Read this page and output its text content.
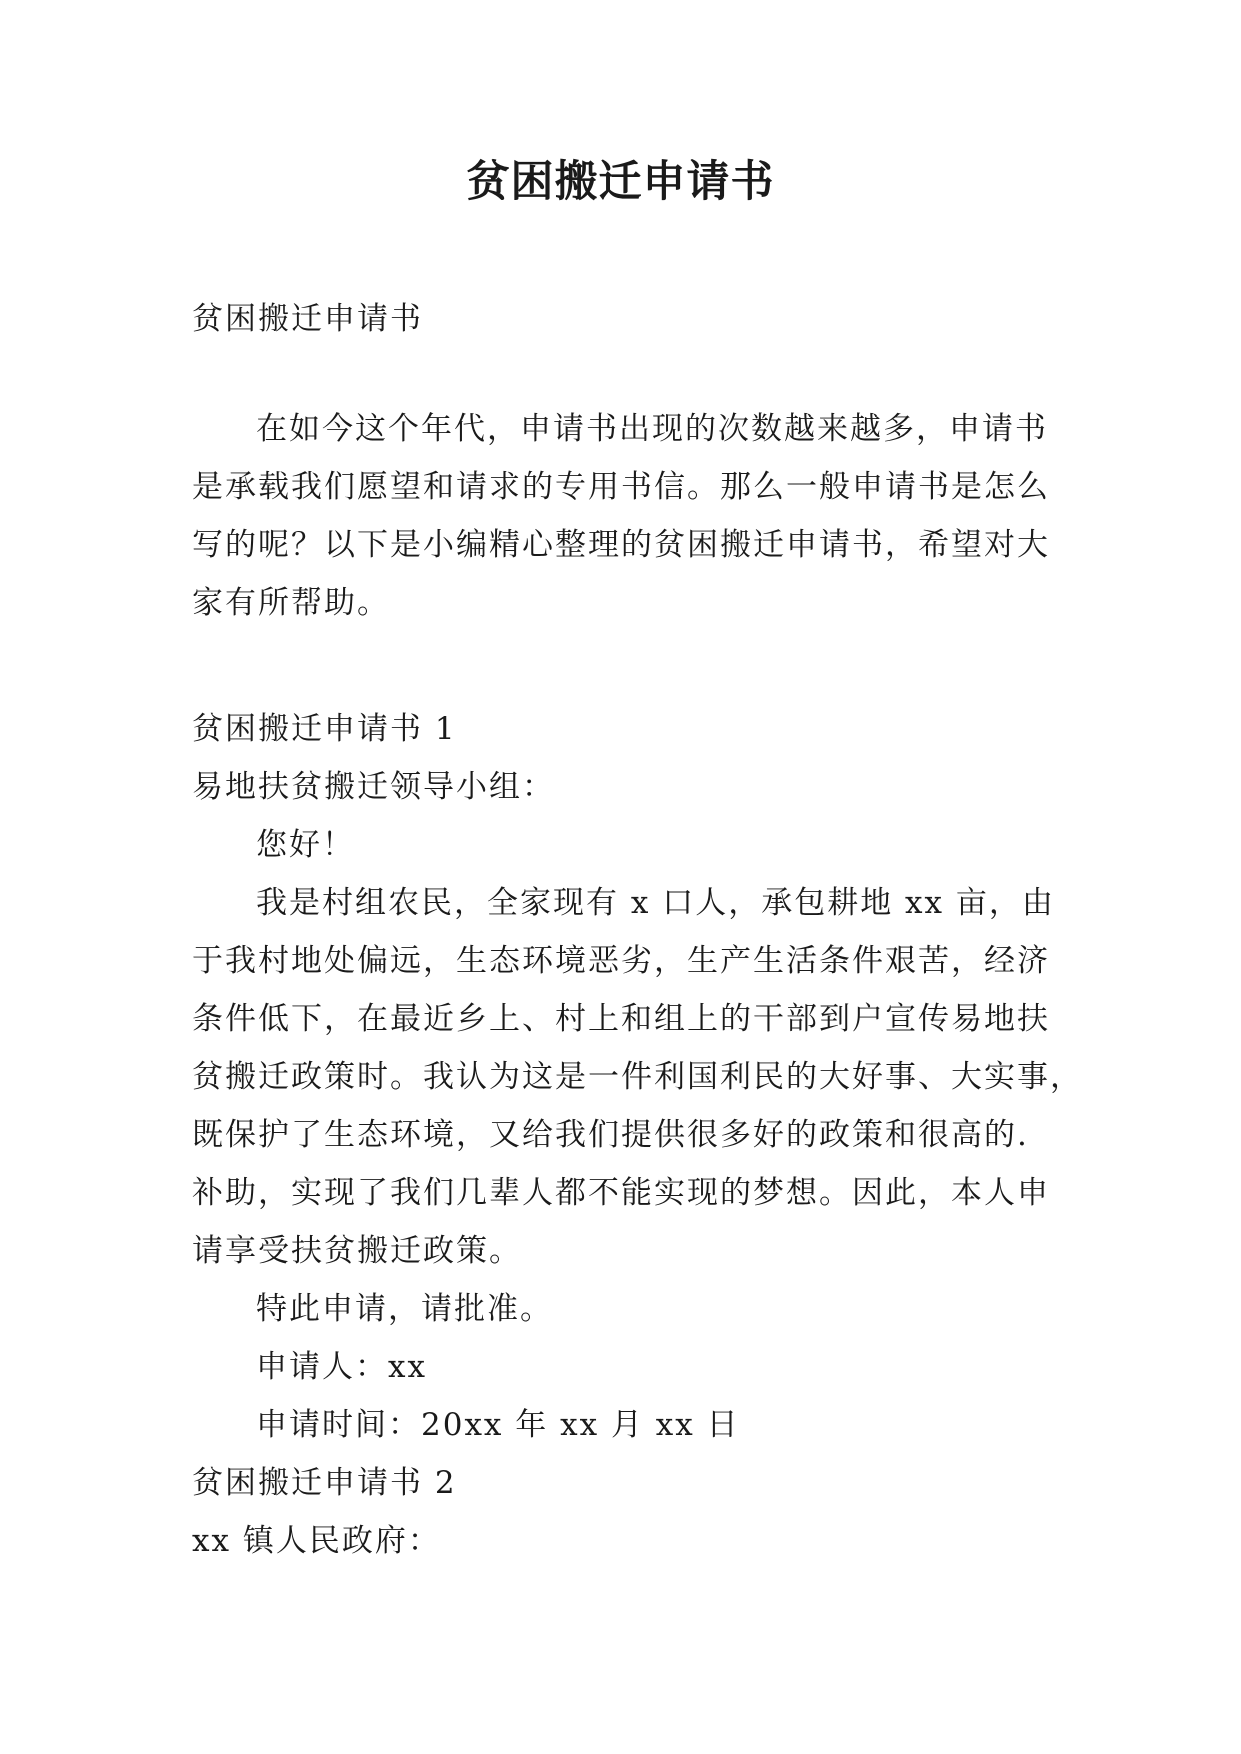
贫困搬迁申请书

贫困搬迁申请书

在如今这个年代，申请书出现的次数越来越多，申请书

是承载我们愿望和请求的专用书信。那么一般申请书是怎么

写的呢？以下是小编精心整理的贫困搬迁申请书，希望对大

家有所帮助。

贫困搬迁申请书 1

易地扶贫搬迁领导小组：

您好！

我是村组农民，全家现有 x 口人，承包耕地 xx 亩，由

于我村地处偏远，生态环境恶劣，生产生活条件艰苦，经济

条件低下，在最近乡上、村上和组上的干部到户宣传易地扶

贫搬迁政策时。我认为这是一件利国利民的大好事、大实事，

既保护了生态环境，又给我们提供很多好的政策和很高的.

补助，实现了我们几辈人都不能实现的梦想。因此，本人申

请享受扶贫搬迁政策。

特此申请，请批准。

申请人：xx

申请时间：20xx 年 xx 月 xx 日

贫困搬迁申请书 2

xx 镇人民政府：
